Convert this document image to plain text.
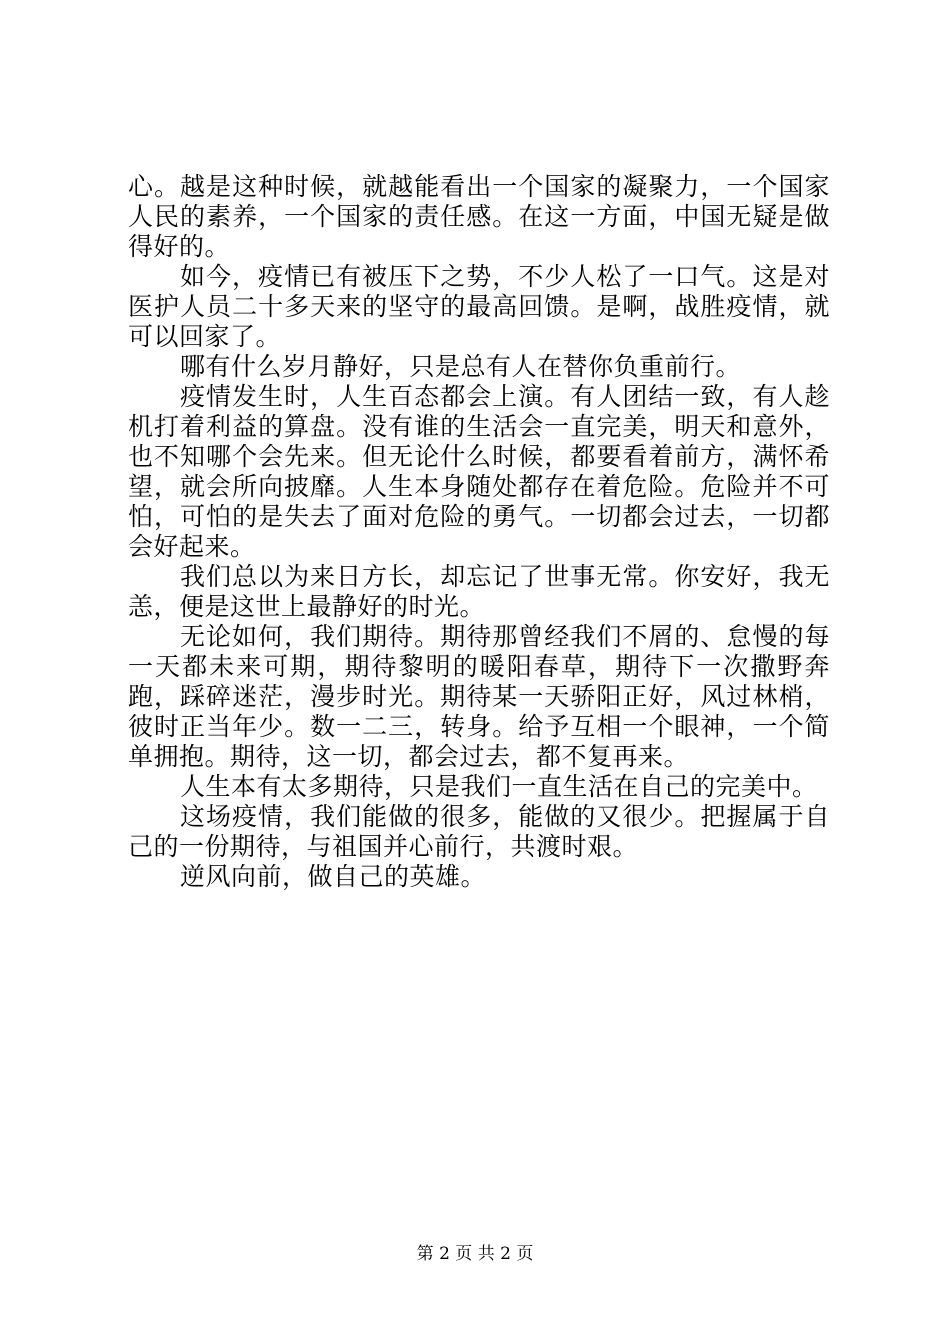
心。越是这种时候，就越能看出一个国家的凝聚力，一个国家人民的素养，一个国家的责任感。在这一方面，中国无疑是做得好的。

如今，疫情已有被压下之势，不少人松了一口气。这是对医护人员二十多天来的坚守的最高回馈。是啊，战胜疫情，就可以回家了。

哪有什么岁月静好，只是总有人在替你负重前行。

疫情发生时，人生百态都会上演。有人团结一致，有人趁机打着利益的算盘。没有谁的生活会一直完美，明天和意外，也不知哪个会先来。但无论什么时候，都要看着前方，满怀希望，就会所向披靡。人生本身随处都存在着危险。危险并不可怕，可怕的是失去了面对危险的勇气。一切都会过去，一切都会好起来。

我们总以为来日方长，却忘记了世事无常。你安好，我无恙，便是这世上最静好的时光。

无论如何，我们期待。期待那曾经我们不屑的、怠慢的每一天都未来可期，期待黎明的暖阳春草，期待下一次撒野奔跑，踩碎迷茫，漫步时光。期待某一天骄阳正好，风过林梢，彼时正当年少。数一二三，转身。给予互相一个眼神，一个简单拥抱。期待，这一切，都会过去，都不复再来。

人生本有太多期待，只是我们一直生活在自己的完美中。

这场疫情，我们能做的很多，能做的又很少。把握属于自己的一份期待，与祖国并心前行，共渡时艰。

逆风向前，做自己的英雄。

第 2 页 共 2 页
